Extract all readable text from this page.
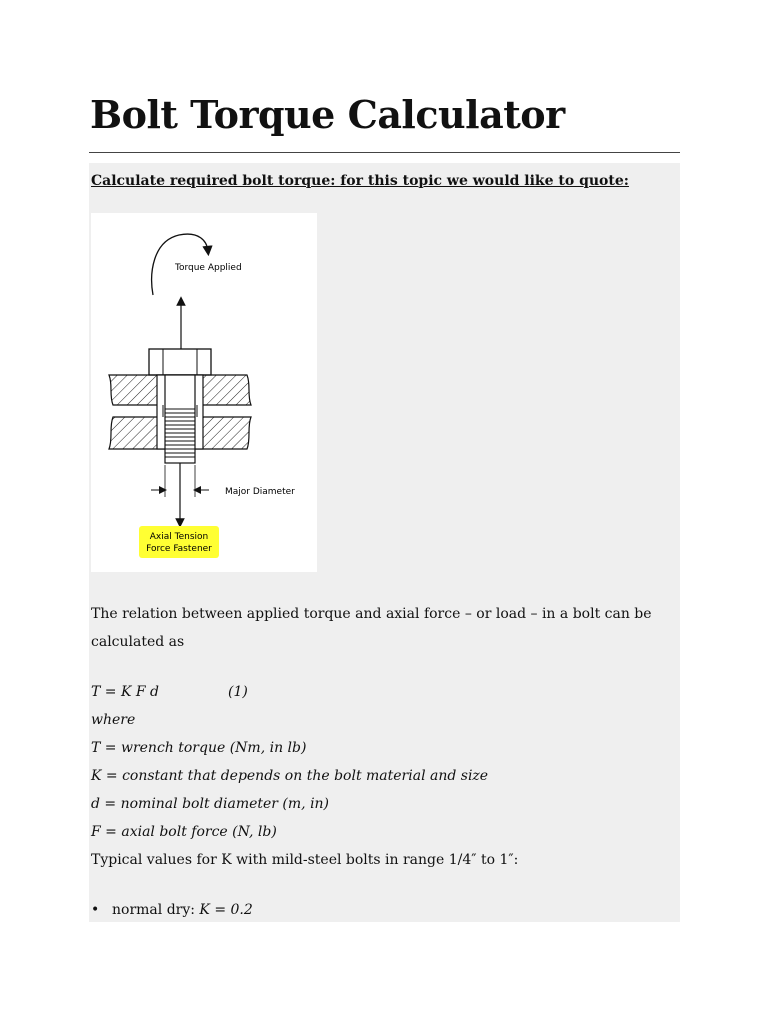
Bolt Torque Calculator
Calculate required bolt torque: for this topic we would like to quote:
Torque Applied
Major Diameter
Axial Tension
Force Fastener
The relation between applied torque and axial force – or load – in a bolt can be calculated as
T = K F d	(1)
where
T = wrench torque (Nm, in lb)
K = constant that depends on the bolt material and size
d = nominal bolt diameter (m, in)
F = axial bolt force (N, lb)
Typical values for K with mild-steel bolts in range 1/4″ to 1″:
• normal dry: K = 0.2
